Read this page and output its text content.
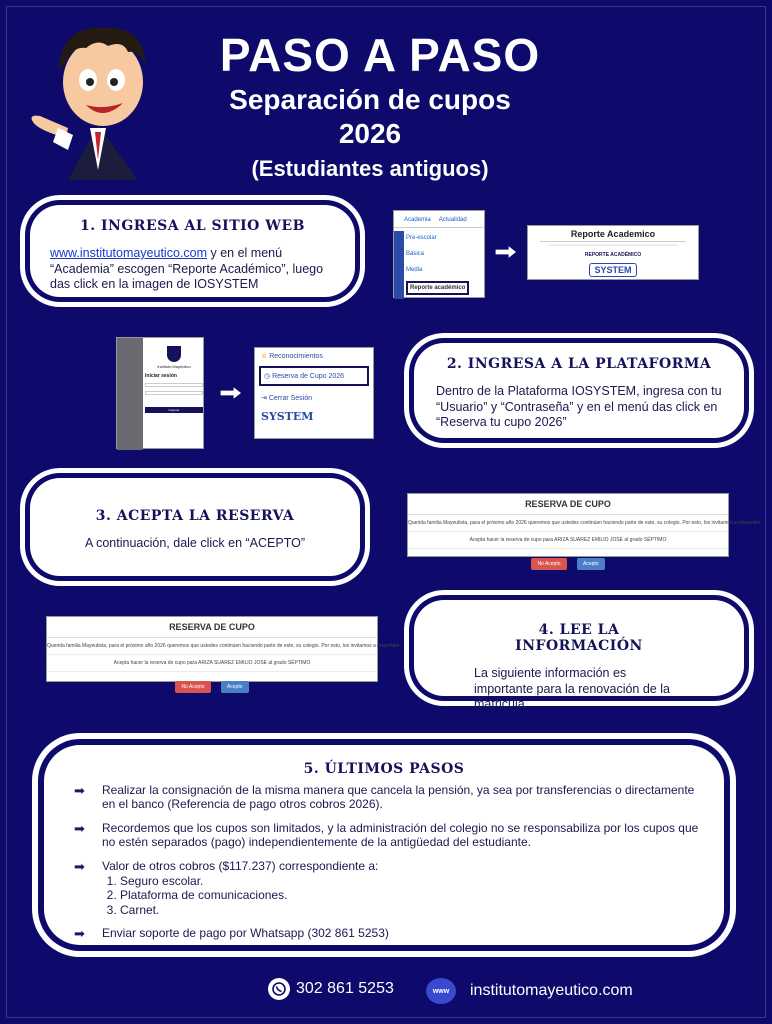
PASO A PASO
Separación de cupos
2026
(Estudiantes antiguos)
1. INGRESA AL SITIO WEB

www.institutomayeutico.com y en el menú “Academia” escogen “Reporte Académico”, luego das click en la imagen de IOSYSTEM

Academia Actualidad
Pre-escolar
Básica
Media
Reporte académico
Reporte Academico
REPORTE ACADÉMICO
SYSTEM
Instituto Mayéutico
Iniciar sesión
Ingresar
♕ Reconocimientos
◷ Reserva de Cupo 2026
⇥ Cerrar Sesión
SYSTEM
2. INGRESA A LA PLATAFORMA

Dentro de la Plataforma IOSYSTEM, ingresa con tu “Usuario” y “Contraseña” y en el menú das click en “Reserva tu cupo 2026”

3. ACEPTA LA RESERVA

A continuación, dale click en “ACEPTO”

RESERVA DE CUPO
Querida familia Mayeutista, para el próximo año 2026 queremos que ustedes continúen haciendo parte de este, su colegio. Por esto, los invitamos a responder:
Acepta hacer la reserva de cupo para ARIZA SUAREZ EMILIO JOSE al grado SÉPTIMO
No Acepto	Acepto
RESERVA DE CUPO
Querida familia Mayeutista, para el próximo año 2026 queremos que ustedes continúen haciendo parte de este, su colegio. Por esto, los invitamos a responder:
Acepta hacer la reserva de cupo para ARIZA SUAREZ EMILIO JOSE al grado SÉPTIMO
No Acepto	Acepto
4. LEE LA INFORMACIÓN

La siguiente información es importante para la renovación de la matricula

5. ÚLTIMOS PASOS
➡	Realizar la consignación de la misma manera que cancela la pensión, ya sea por transferencias o directamente en el banco (Referencia de pago otros cobros 2026).
➡	Recordemos que los cupos son limitados, y la administración del colegio no se responsabiliza por los cupos que no estén separados (pago) independientemente de la antigüedad del estudiante.
➡	Valor de otros cobros ($117.237) correspondiente a:
1. Seguro escolar.
2. Plataforma de comunicaciones.
3. Carnet.
➡	Enviar soporte de pago por Whatsapp (302 861 5253)
302 861 5253	www	institutomayeutico.com
